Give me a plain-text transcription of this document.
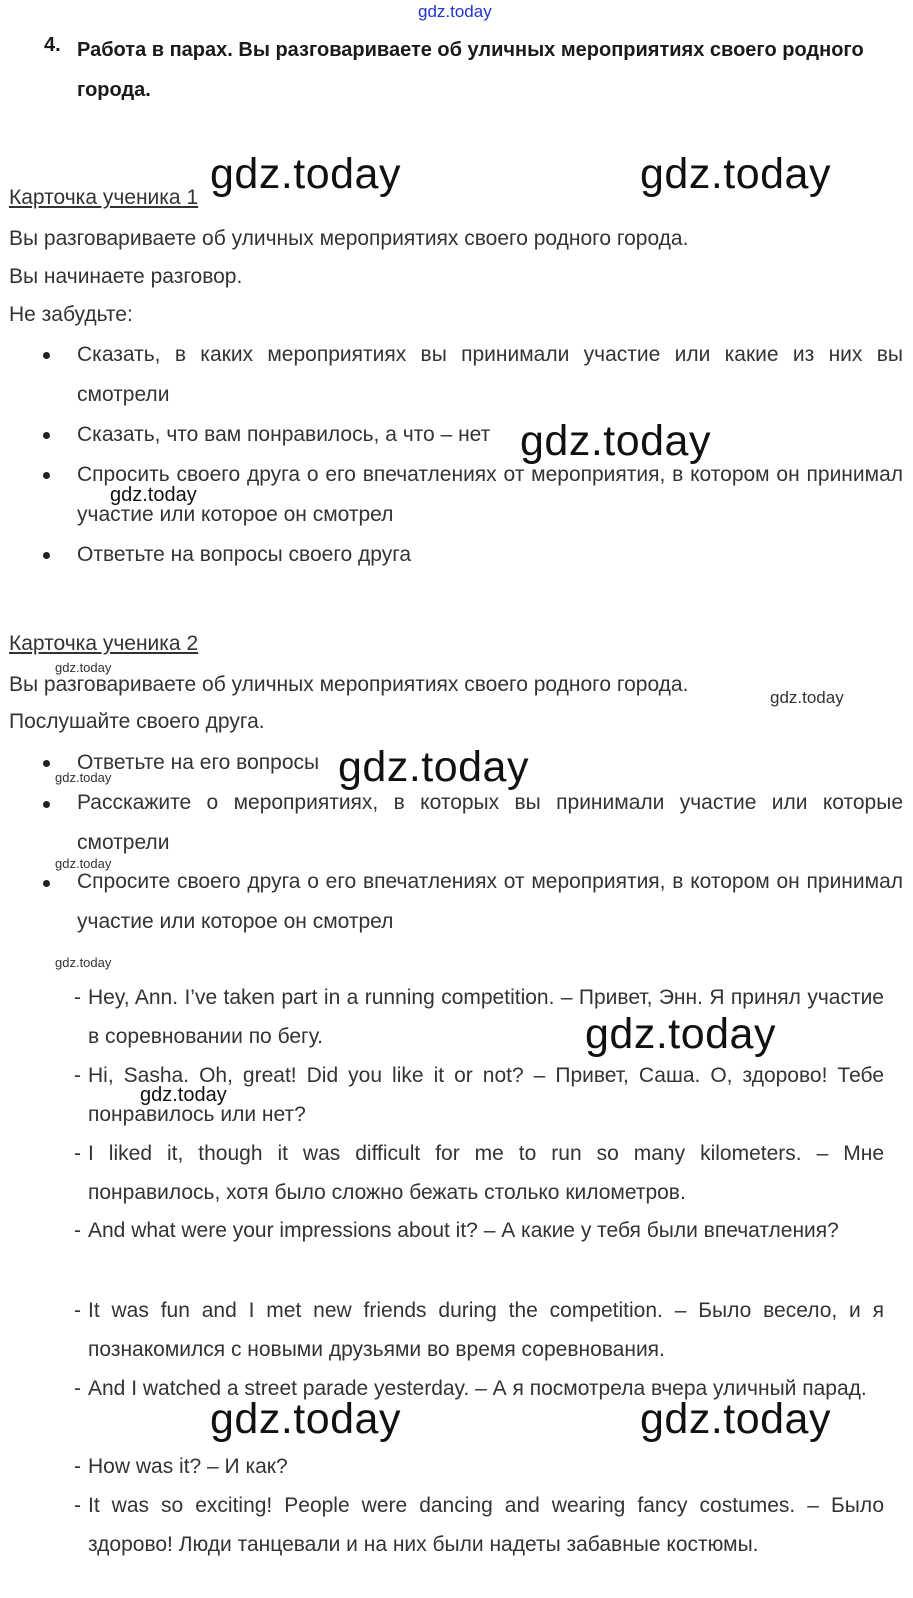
gdz.today
4. Работа в парах. Вы разговариваете об уличных мероприятиях своего родного города.
Карточка ученика 1
Вы разговариваете об уличных мероприятиях своего родного города.
Вы начинаете разговор.
Не забудьте:
Сказать, в каких мероприятиях вы принимали участие или какие из них вы смотрели
Сказать, что вам понравилось, а что – нет
Спросить своего друга о его впечатлениях от мероприятия, в котором он принимал участие или которое он смотрел
Ответьте на вопросы своего друга
Карточка ученика 2
Вы разговариваете об уличных мероприятиях своего родного города.
Послушайте своего друга.
Ответьте на его вопросы
Расскажите о мероприятиях, в которых вы принимали участие или которые смотрели
Спросите своего друга о его впечатлениях от мероприятия, в котором он принимал участие или которое он смотрел
- Hey, Ann. I’ve taken part in a running competition. – Привет, Энн. Я принял участие в соревновании по бегу.
- Hi, Sasha. Oh, great! Did you like it or not? – Привет, Саша. О, здорово! Тебе понравилось или нет?
- I liked it, though it was difficult for me to run so many kilometers. – Мне понравилось, хотя было сложно бежать столько километров.
- And what were your impressions about it? – А какие у тебя были впечатления?
- It was fun and I met new friends during the competition. – Было весело, и я познакомился с новыми друзьями во время соревнования.
- And I watched a street parade yesterday. – А я посмотрела вчера уличный парад.
- How was it? – И как?
- It was so exciting! People were dancing and wearing fancy costumes. – Было здорово! Люди танцевали и на них были надеты забавные костюмы.
gdz.today	gdz.today
gdz.today
gdz.today
gdz.today
gdz.today
gdz.today
gdz.today
gdz.today
gdz.today
gdz.today
gdz.today
gdz.today	gdz.today
